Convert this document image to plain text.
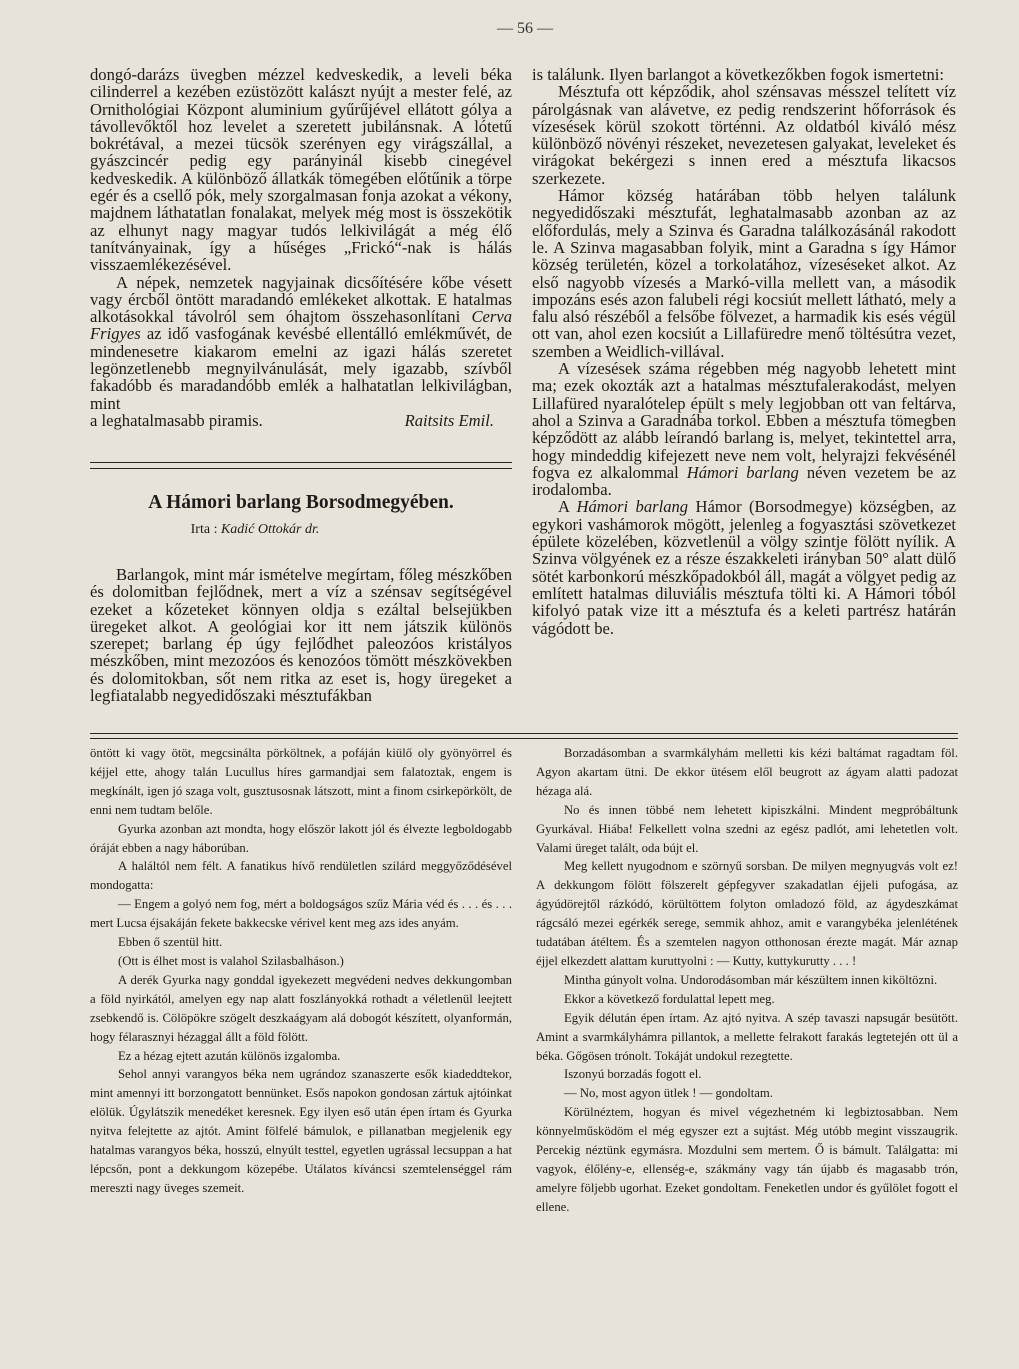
— 56 —

dongó-darázs üvegben mézzel kedveskedik, a leveli béka cilinderrel a kezében ezüstözött kalászt nyújt a mester felé, az Ornithológiai Központ aluminium gyűrűjével ellátott gólya a távollevőktől hoz levelet a szeretett jubilánsnak. A lótetű bokrétával, a mezei tücsök szerényen egy virágszállal, a gyászcincér pedig egy parányinál kisebb cinegével kedveskedik. A különböző állatkák tömegében előtűnik a törpe egér és a csellő pók, mely szorgalmasan fonja azokat a vékony, majdnem láthatatlan fonalakat, melyek még most is összekötik az elhunyt nagy magyar tudós lelkivilágát a még élő tanítványainak, így a hűséges „Frickó“-nak is hálás visszaemlékezésével.

A népek, nemzetek nagyjainak dicsőítésére kőbe vésett vagy ércből öntött maradandó emlékeket alkottak. E hatalmas alkotásokkal távolról sem óhajtom összehasonlítani Cerva Frigyes az idő vasfogának kevésbé ellentálló emlékművét, de mindenesetre kiakarom emelni az igazi hálás szeretet legönzetlenebb megnyilvánulását, mely igazabb, szívből fakadóbb és maradandóbb emlék a halhatatlan lelkivilágban, mint

a leghatalmasabb piramis.	Raitsits Emil.
A Hámori barlang Borsodmegyében.
Irta : Kadić Ottokár dr.

Barlangok, mint már ismételve megírtam, főleg mészkőben és dolomitban fejlődnek, mert a víz a szénsav segítségével ezeket a kőzeteket könnyen oldja s ezáltal belsejükben üregeket alkot. A geológiai kor itt nem játszik különös szerepet; barlang ép úgy fejlődhet paleozóos kristályos mészkőben, mint mezozóos és kenozóos tömött mészkövekben és dolomitokban, sőt nem ritka az eset is, hogy üregeket a legfiatalabb negyedidőszaki mésztufákban

is találunk. Ilyen barlangot a következőkben fogok ismertetni:

Mésztufa ott képződik, ahol szénsavas mésszel telített víz párolgásnak van alávetve, ez pedig rendszerint hőforrások és vízesések körül szokott történni. Az oldatból kiváló mész különböző növényi részeket, nevezetesen galyakat, leveleket és virágokat bekérgezi s innen ered a mésztufa likacsos szerkezete.

Hámor község határában több helyen találunk negyedidőszaki mésztufát, leghatalmasabb azonban az az előfordulás, mely a Szinva és Garadna találkozásánál rakodott le. A Szinva magasabban folyik, mint a Garadna s így Hámor község területén, közel a torkolatához, vízeséseket alkot. Az első nagyobb vízesés a Markó-villa mellett van, a második impozáns esés azon falubeli régi kocsiút mellett látható, mely a falu alsó részéből a felsőbe fölvezet, a harmadik kis esés végül ott van, ahol ezen kocsiút a Lillafüredre menő töltésútra vezet, szemben a Weidlich-villával.

A vízesések száma régebben még nagyobb lehetett mint ma; ezek okozták azt a hatalmas mésztufalerakodást, melyen Lillafüred nyaralótelep épült s mely legjobban ott van feltárva, ahol a Szinva a Garadnába torkol. Ebben a mésztufa tömegben képződött az alább leírandó barlang is, melyet, tekintettel arra, hogy mindeddig kifejezett neve nem volt, helyrajzi fekvésénél fogva ez alkalommal Hámori barlang néven vezetem be az irodalomba.

A Hámori barlang Hámor (Borsodmegye) községben, az egykori vashámorok mögött, jelenleg a fogyasztási szövetkezet épülete közelében, közvetlenül a völgy szintje fölött nyílik. A Szinva völgyének ez a része északkeleti irányban 50° alatt dülő sötét karbonkorú mészkőpadokból áll, magát a völgyet pedig az említett hatalmas diluviális mésztufa tölti ki. A Hámori tóból kifolyó patak vize itt a mésztufa és a keleti partrész határán vágódott be.

öntött ki vagy ötöt, megcsinálta pörköltnek, a pofáján kiülő oly gyönyörrel és kéjjel ette, ahogy talán Lucullus híres garmandjai sem falatoztak, engem is megkínált, igen jó szaga volt, gusztusosnak látszott, mint a finom csirkepörkölt, de enni nem tudtam belőle.

Gyurka azonban azt mondta, hogy először lakott jól és élvezte legboldogabb óráját ebben a nagy háborúban.

A haláltól nem félt. A fanatikus hívő rendületlen szilárd meggyőződésével mondogatta:

— Engem a golyó nem fog, mért a boldogságos szűz Mária véd és . . . és . . . mert Lucsa éjsakáján fekete bakkecske vérivel kent meg azs ides anyám.

Ebben ő szentül hitt.

(Ott is élhet most is valahol Szilasbalháson.)

A derék Gyurka nagy gonddal igyekezett megvédeni nedves dekkungomban a föld nyirkától, amelyen egy nap alatt foszlányokká rothadt a véletlenül leejtett zsebkendő is. Cölöpökre szögelt deszkaágyam alá dobogót készített, olyanformán, hogy félarasznyi hézaggal állt a föld fölött.

Ez a hézag ejtett azután különös izgalomba.

Sehol annyi varangyos béka nem ugrándoz szanaszerte esők kiadeddtekor, mint amennyi itt borzongatott bennünket. Esős napokon gondosan zártuk ajtóinkat elölük. Úgylátszik menedéket keresnek. Egy ilyen eső után épen írtam és Gyurka nyitva felejtette az ajtót. Amint fölfelé bámulok, e pillanatban megjelenik egy hatalmas varangyos béka, hosszú, elnyúlt testtel, egyetlen ugrással lecsuppan a hat lépcsőn, pont a dekkungom közepébe. Utálatos kíváncsi szemtelenséggel rám mereszti nagy üveges szemeit.

Borzadásomban a svarmkályhám melletti kis kézi baltámat ragadtam föl. Agyon akartam ütni. De ekkor ütésem elől beugrott az ágyam alatti padozat hézaga alá.

No és innen többé nem lehetett kipiszkálni. Mindent megpróbáltunk Gyurkával. Hiába! Felkellett volna szedni az egész padlót, ami lehetetlen volt. Valami üreget talált, oda bújt el.

Meg kellett nyugodnom e szörnyű sorsban. De milyen megnyugvás volt ez! A dekkungom fölött fölszerelt gépfegyver szakadatlan éjjeli pufogása, az ágyúdörejtől rázkódó, körültöttem folyton omladozó föld, az ágydeszkámat rágcsáló mezei egérkék serege, semmik ahhoz, amit e varangybéka jelenlétének tudatában átéltem. És a szemtelen nagyon otthonosan érezte magát. Már aznap éjjel elkezdett alattam kuruttyolni : — Kutty, kuttykurutty . . . !

Mintha gúnyolt volna. Undorodásomban már készültem innen kiköltözni.

Ekkor a következő fordulattal lepett meg.

Egyik délután épen írtam. Az ajtó nyitva. A szép tavaszi napsugár besütött. Amint a svarmkályhámra pillantok, a mellette felrakott farakás legtetején ott ül a béka. Gőgösen trónolt. Tokáját undokul rezegtette.

Iszonyú borzadás fogott el.

— No, most agyon ütlek ! — gondoltam.

Körülnéztem, hogyan és mivel végezhetném ki legbiztosabban. Nem könnyelműsködöm el még egyszer ezt a sujtást. Még utóbb megint visszaugrik. Percekig néztünk egymásra. Mozdulni sem mertem. Ő is bámult. Találgatta: mi vagyok, élőlény-e, ellenség-e, szákmány vagy tán újabb és magasabb trón, amelyre följebb ugorhat. Ezeket gondoltam. Feneketlen undor és gyűlölet fogott el ellene.
